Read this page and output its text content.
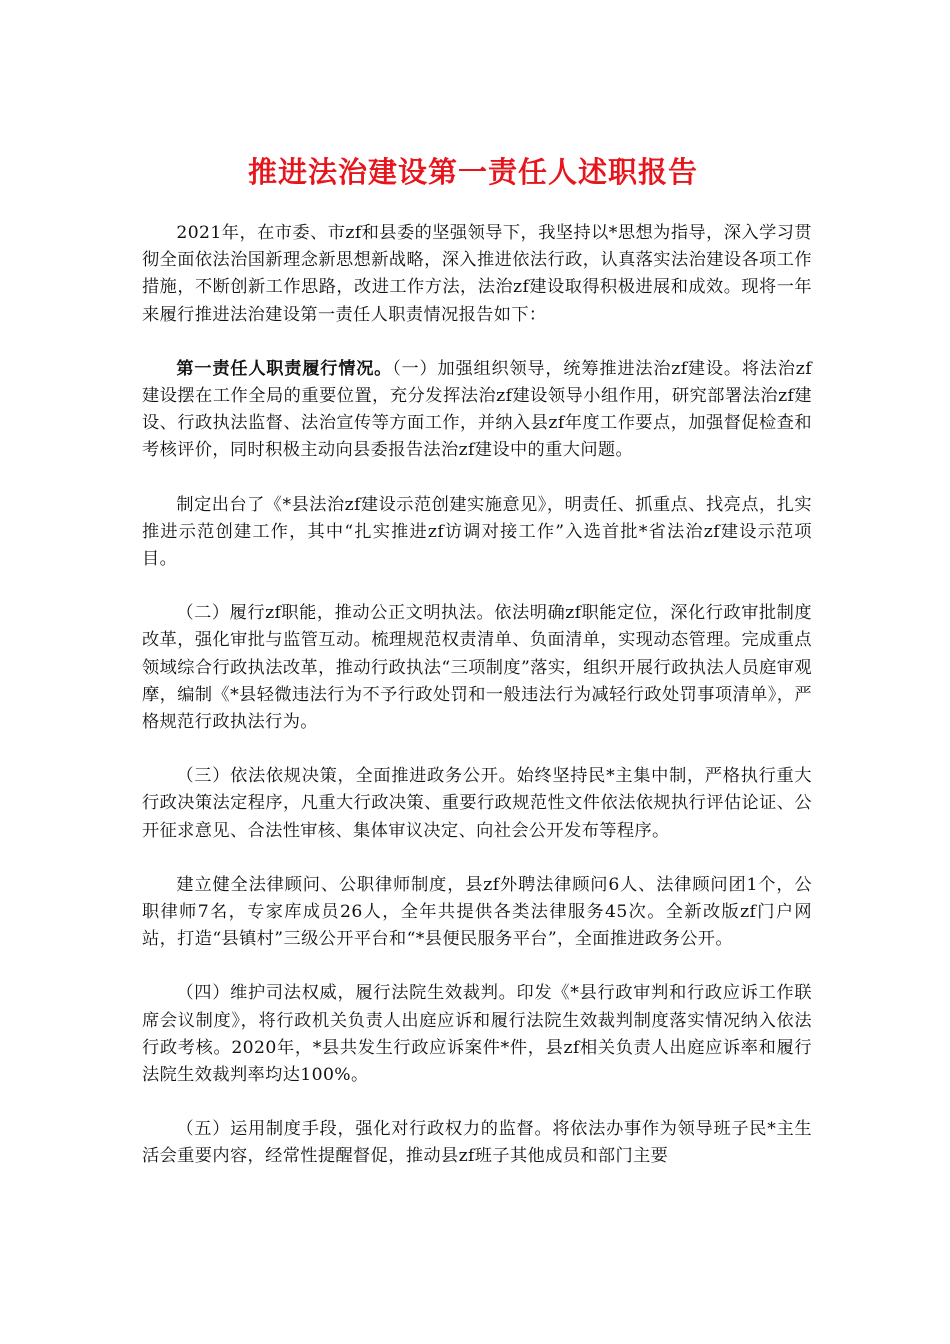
推进法治建设第一责任人述职报告

2021年，在市委、市zf和县委的坚强领导下，我坚持以*思想为指导，深入学习贯彻全面依法治国新理念新思想新战略，深入推进依法行政，认真落实法治建设各项工作措施，不断创新工作思路，改进工作方法，法治zf建设取得积极进展和成效。现将一年来履行推进法治建设第一责任人职责情况报告如下：

第一责任人职责履行情况。（一）加强组织领导，统筹推进法治zf建设。将法治zf建设摆在工作全局的重要位置，充分发挥法治zf建设领导小组作用，研究部署法治zf建设、行政执法监督、法治宣传等方面工作，并纳入县zf年度工作要点，加强督促检查和考核评价，同时积极主动向县委报告法治zf建设中的重大问题。

制定出台了《*县法治zf建设示范创建实施意见》，明责任、抓重点、找亮点，扎实推进示范创建工作，其中“扎实推进zf访调对接工作”入选首批*省法治zf建设示范项目。

（二）履行zf职能，推动公正文明执法。依法明确zf职能定位，深化行政审批制度改革，强化审批与监管互动。梳理规范权责清单、负面清单，实现动态管理。完成重点领域综合行政执法改革，推动行政执法“三项制度”落实，组织开展行政执法人员庭审观摩，编制《*县轻微违法行为不予行政处罚和一般违法行为减轻行政处罚事项清单》，严格规范行政执法行为。

（三）依法依规决策，全面推进政务公开。始终坚持民*主集中制，严格执行重大行政决策法定程序，凡重大行政决策、重要行政规范性文件依法依规执行评估论证、公开征求意见、合法性审核、集体审议决定、向社会公开发布等程序。

建立健全法律顾问、公职律师制度，县zf外聘法律顾问6人、法律顾问团1个，公职律师7名，专家库成员26人，全年共提供各类法律服务45次。全新改版zf门户网站，打造“县镇村”三级公开平台和“*县便民服务平台”，全面推进政务公开。

（四）维护司法权威，履行法院生效裁判。印发《*县行政审判和行政应诉工作联席会议制度》，将行政机关负责人出庭应诉和履行法院生效裁判制度落实情况纳入依法行政考核。2020年，*县共发生行政应诉案件*件，县zf相关负责人出庭应诉率和履行法院生效裁判率均达100%。

（五）运用制度手段，强化对行政权力的监督。将依法办事作为领导班子民*主生活会重要内容，经常性提醒督促，推动县zf班子其他成员和部门主要
